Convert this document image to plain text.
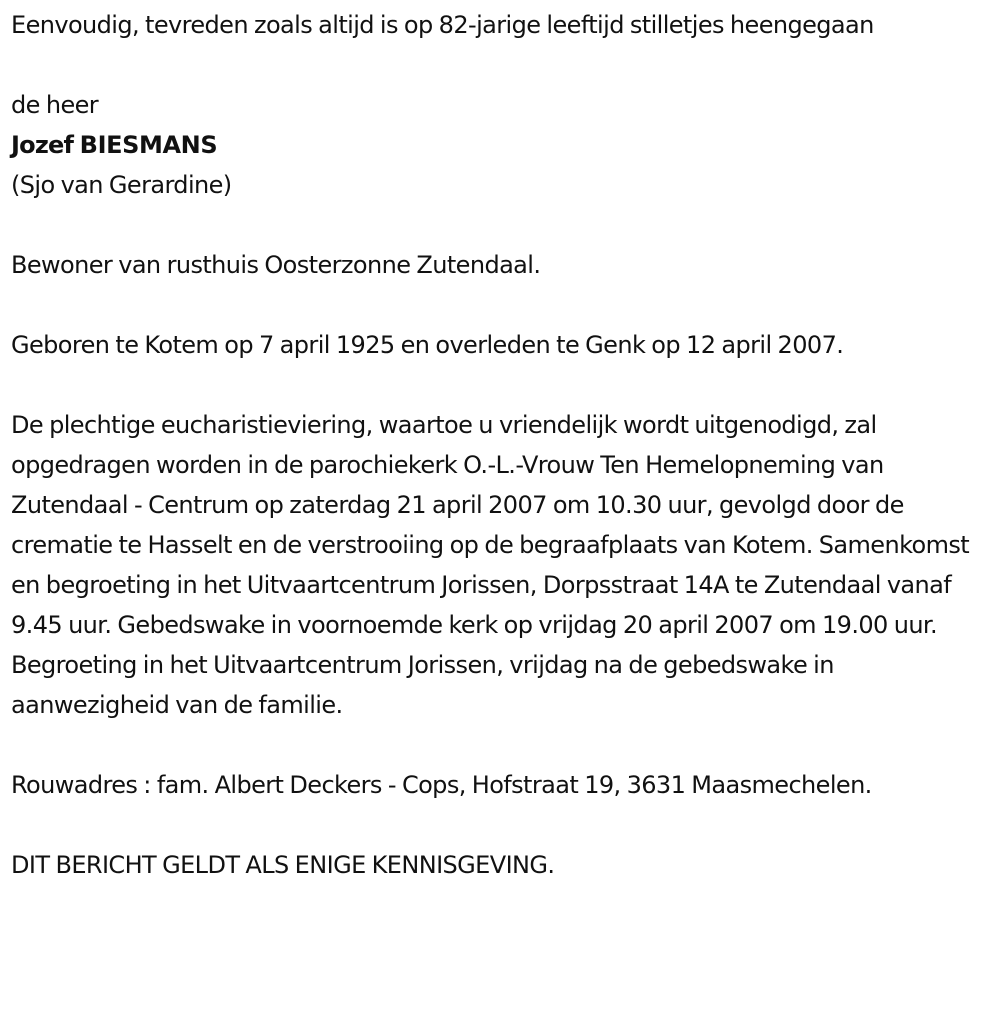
Eenvoudig, tevreden zoals altijd is op 82-jarige leeftijd stilletjes heengegaan

de heer

Jozef BIESMANS

(Sjo van Gerardine)

Bewoner van rusthuis Oosterzonne Zutendaal.

Geboren te Kotem op 7 april 1925 en overleden te Genk op 12 april 2007.

De plechtige eucharistieviering, waartoe u vriendelijk wordt uitgenodigd, zal opgedragen worden in de parochiekerk O.-L.-Vrouw Ten Hemelopneming van Zutendaal - Centrum op zaterdag 21 april 2007 om 10.30 uur, gevolgd door de crematie te Hasselt en de verstrooiing op de begraafplaats van Kotem. Samenkomst en begroeting in het Uitvaartcentrum Jorissen, Dorpsstraat 14A te Zutendaal vanaf 9.45 uur. Gebedswake in voornoemde kerk op vrijdag 20 april 2007 om 19.00 uur. Begroeting in het Uitvaartcentrum Jorissen, vrijdag na de gebedswake in aanwezigheid van de familie.

Rouwadres : fam. Albert Deckers - Cops, Hofstraat 19, 3631 Maasmechelen.

DIT BERICHT GELDT ALS ENIGE KENNISGEVING.
